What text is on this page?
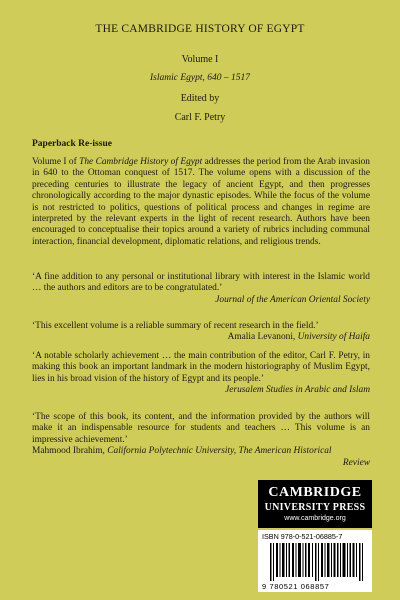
THE CAMBRIDGE HISTORY OF EGYPT
Volume I
Islamic Egypt, 640 – 1517
Edited by
Carl F. Petry
Paperback Re-issue
Volume I of The Cambridge History of Egypt addresses the period from the Arab invasion in 640 to the Ottoman conquest of 1517. The volume opens with a discussion of the preceding centuries to illustrate the legacy of ancient Egypt, and then progresses chronologically according to the major dynastic episodes. While the focus of the volume is not restricted to politics, questions of political process and changes in regime are interpreted by the relevant experts in the light of recent research. Authors have been encouraged to conceptualise their topics around a variety of rubrics including communal interaction, financial development, diplomatic relations, and religious trends.
‘A fine addition to any personal or institutional library with interest in the Islamic world … the authors and editors are to be congratulated.’
Journal of the American Oriental Society
‘This excellent volume is a reliable summary of recent research in the field.’
Amalia Levanoni, University of Haifa
‘A notable scholarly achievement … the main contribution of the editor, Carl F. Petry, in making this book an important landmark in the modern historiography of Muslim Egypt, lies in his broad vision of the history of Egypt and its people.’
Jerusalem Studies in Arabic and Islam
‘The scope of this book, its content, and the information provided by the authors will make it an indispensable resource for students and teachers … This volume is an impressive achievement.’
Mahmood Ibrahim, California Polytechnic University, The American Historical
Review
CAMBRIDGE
UNIVERSITY PRESS
www.cambridge.org
ISBN 978-0-521-06885-7
9 780521 068857
